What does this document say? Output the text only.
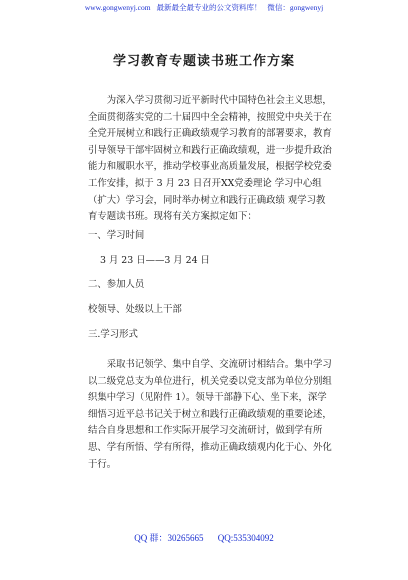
www.gongwenyj.com 最新最全最专业的公文资料库！ 微信：gongwenyj
学习教育专题读书班工作方案
　　为深入学习贯彻习近平新时代中国特色社会主义思想，
全面贯彻落实党的二十届四中全会精神，按照党中央关于在
全党开展树立和践行正确政绩观学习教育的部署要求，教育
引导领导干部牢固树立和践行正确政绩观，进一步提升政治
能力和履职水平，推动学校事业高质量发展，根据学校党委
工作安排，拟于 3 月 23 日召开XX党委理论 学习中心组
（扩大）学习会，同时举办树立和践行正确政绩 观学习教
育专题读书班。现将有关方案拟定如下：
一、学习时间
3 月 23 日——3 月 24 日
二、参加人员
校领导、处级以上干部
三.学习形式
　　采取书记领学、集中自学、交流研讨相结合。集中学习
以二级党总支为单位进行，机关党委以党支部为单位分别组
织集中学习（见附件 1）。领导干部静下心、坐下来，深学
细悟习近平总书记关于树立和践行正确政绩观的重要论述，
结合自身思想和工作实际开展学习交流研讨，做到学有所
思、学有所悟、学有所得，推动正确政绩观内化于心、外化
于行。
QQ 群：30265665 QQ:535304092
